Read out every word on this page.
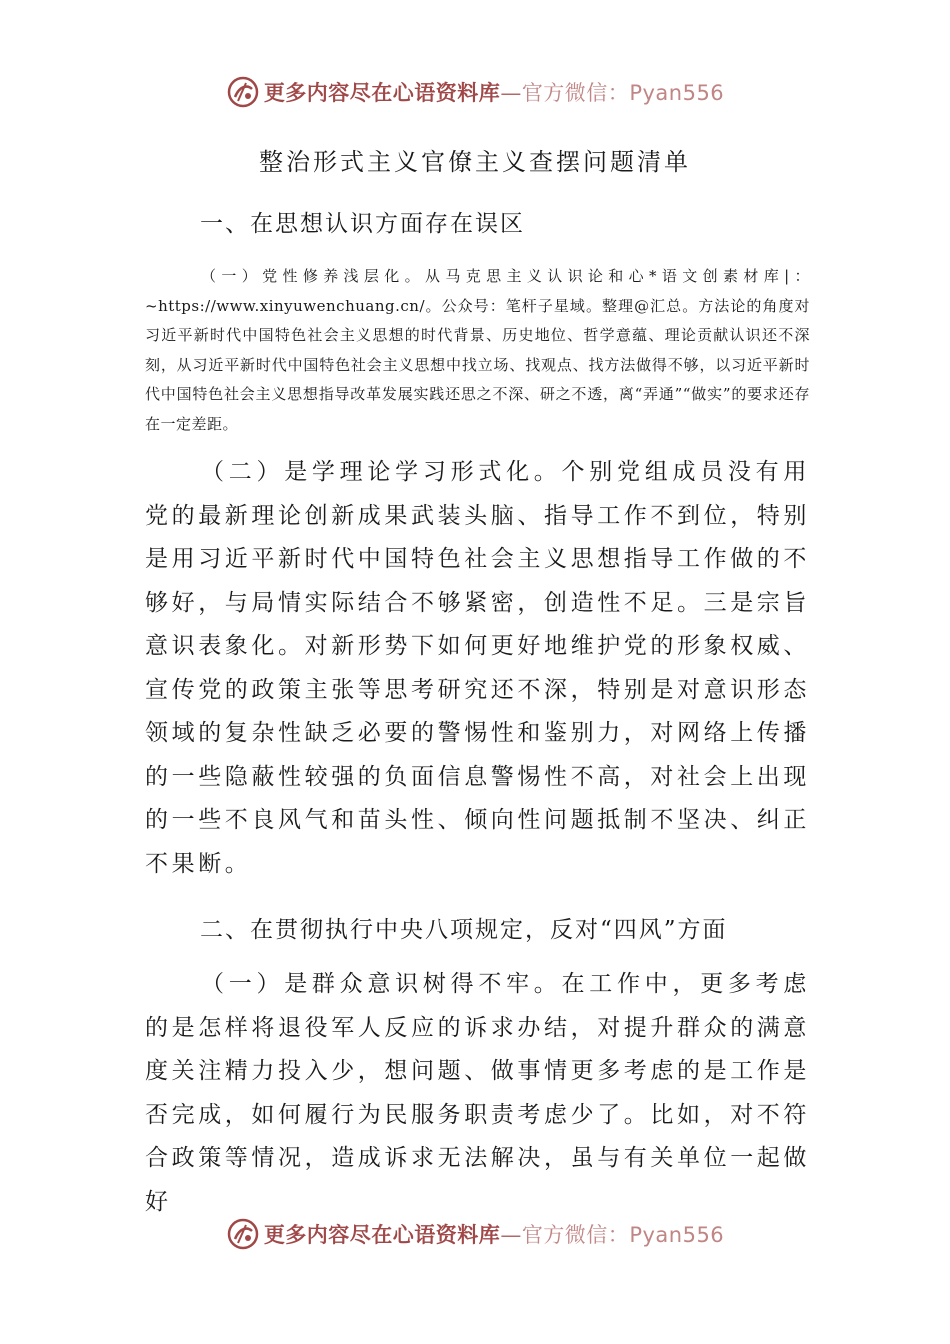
更多内容尽在心语资料库—官方微信：Pyan556
整治形式主义官僚主义查摆问题清单
一、在思想认识方面存在误区

（一）党性修养浅层化。从马克思主义认识论和心*语文创素材库|：~https://www.xinyuwenchuang.cn/。公众号：笔杆子星域。整理@汇总。方法论的角度对习近平新时代中国特色社会主义思想的时代背景、历史地位、哲学意蕴、理论贡献认识还不深刻，从习近平新时代中国特色社会主义思想中找立场、找观点、找方法做得不够，以习近平新时代中国特色社会主义思想指导改革发展实践还思之不深、研之不透，离“弄通”“做实”的要求还存在一定差距。

（二）是学理论学习形式化。个别党组成员没有用党的最新理论创新成果武装头脑、指导工作不到位，特别是用习近平新时代中国特色社会主义思想指导工作做的不够好，与局情实际结合不够紧密，创造性不足。三是宗旨意识表象化。对新形势下如何更好地维护党的形象权威、宣传党的政策主张等思考研究还不深，特别是对意识形态领域的复杂性缺乏必要的警惕性和鉴别力，对网络上传播的一些隐蔽性较强的负面信息警惕性不高，对社会上出现的一些不良风气和苗头性、倾向性问题抵制不坚决、纠正不果断。

二、在贯彻执行中央八项规定，反对“四风”方面

（一）是群众意识树得不牢。在工作中，更多考虑的是怎样将退役军人反应的诉求办结，对提升群众的满意度关注精力投入少，想问题、做事情更多考虑的是工作是否完成，如何履行为民服务职责考虑少了。比如，对不符合政策等情况，造成诉求无法解决，虽与有关单位一起做好

更多内容尽在心语资料库—官方微信：Pyan556
